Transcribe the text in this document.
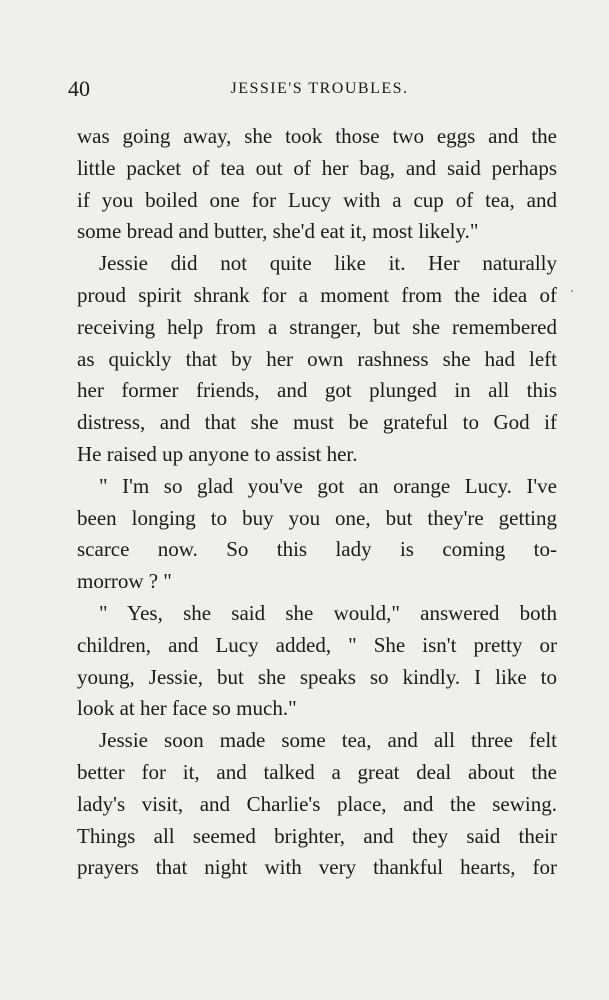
40	JESSIE'S TROUBLES.
was going away, she took those two eggs and the
little packet of tea out of her bag, and said perhaps
if you boiled one for Lucy with a cup of tea, and
some bread and butter, she'd eat it, most likely."
Jessie did not quite like it. Her naturally
proud spirit shrank for a moment from the idea of
receiving help from a stranger, but she remembered
as quickly that by her own rashness she had left
her former friends, and got plunged in all this
distress, and that she must be grateful to God if
He raised up anyone to assist her.
" I'm so glad you've got an orange Lucy. I've
been longing to buy you one, but they're getting
scarce now. So this lady is coming to-
morrow ? "
" Yes, she said she would," answered both
children, and Lucy added, " She isn't pretty or
young, Jessie, but she speaks so kindly. I like to
look at her face so much."
Jessie soon made some tea, and all three felt
better for it, and talked a great deal about the
lady's visit, and Charlie's place, and the sewing.
Things all seemed brighter, and they said their
prayers that night with very thankful hearts, for
